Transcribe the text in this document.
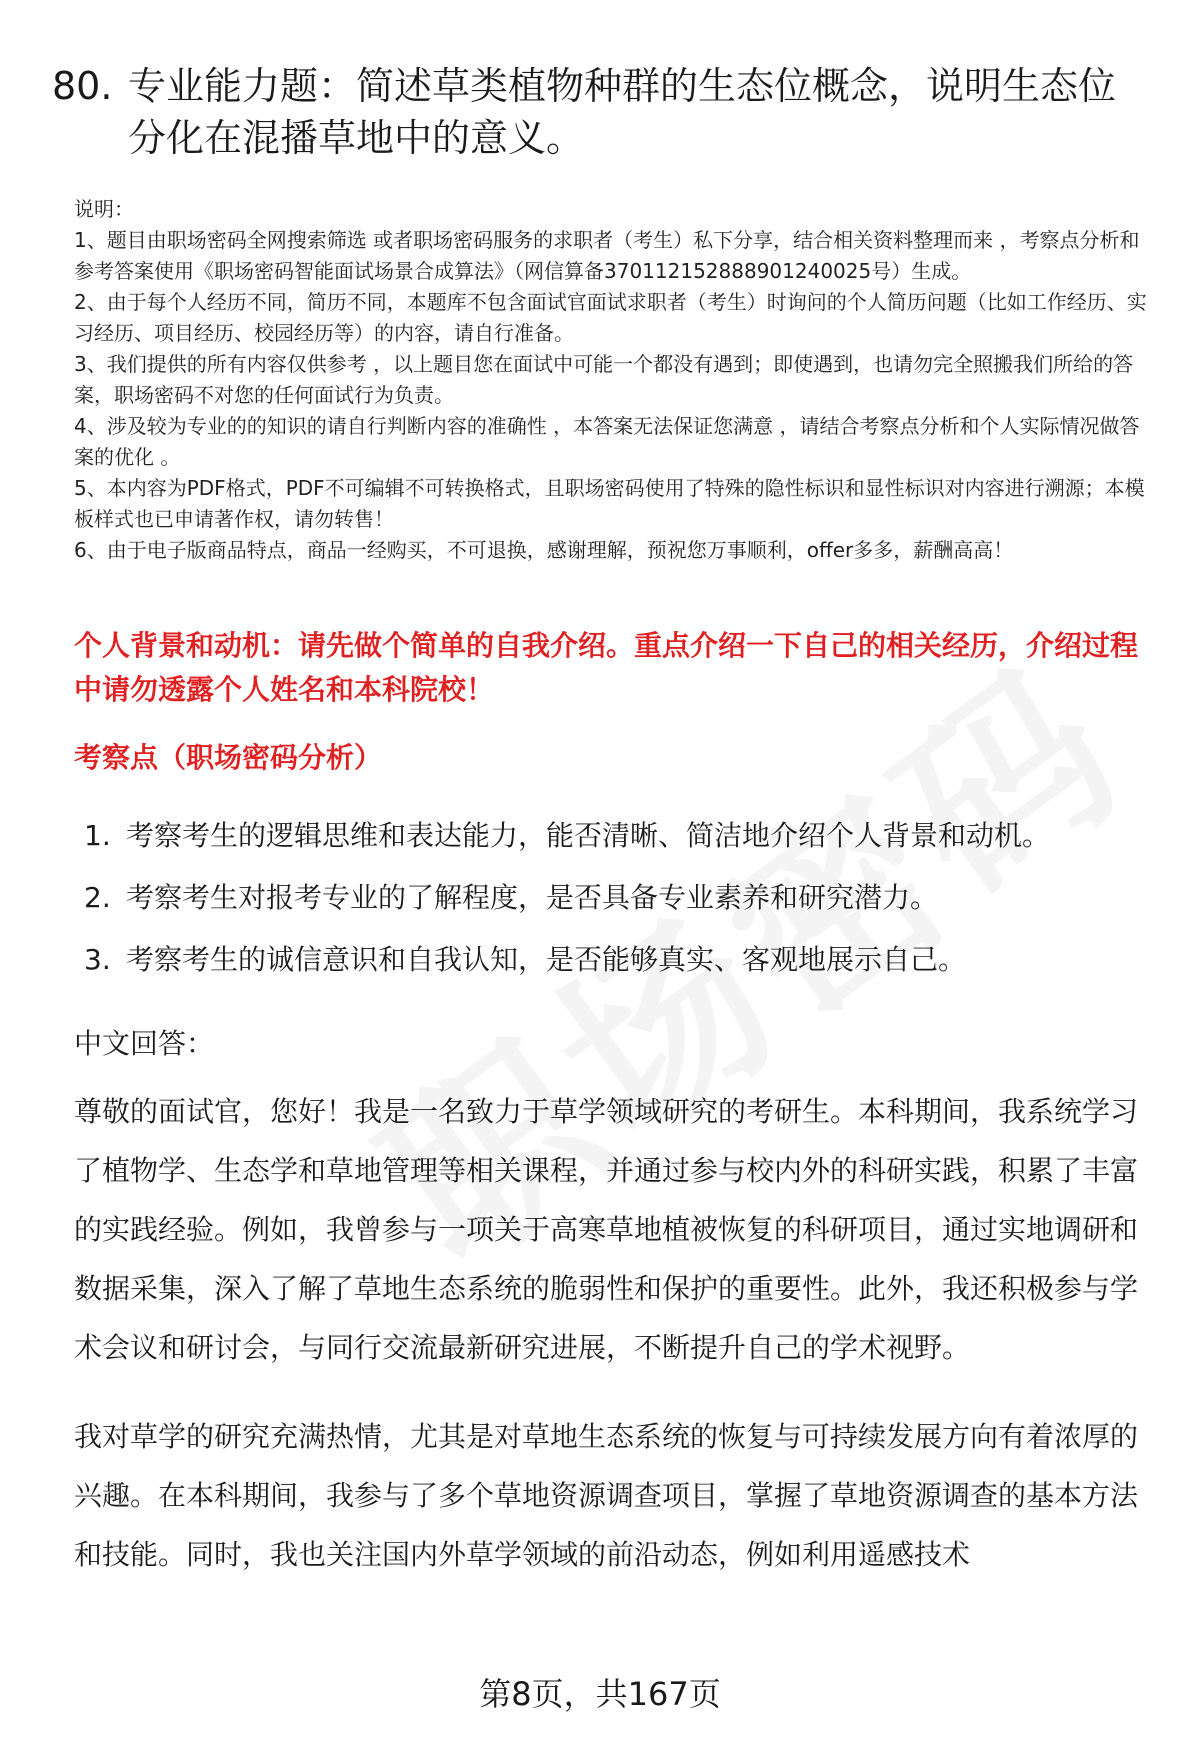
80. 专业能力题：简述草类植物种群的生态位概念，说明生态位分化在混播草地中的意义。

说明：

1、题目由职场密码全网搜索筛选 或者职场密码服务的求职者（考生）私下分享，结合相关资料整理而来 ，考察点分析和参考答案使用《职场密码智能面试场景合成算法》（网信算备370112152888901240025号）生成。

2、由于每个人经历不同，简历不同，本题库不包含面试官面试求职者（考生）时询问的个人简历问题（比如工作经历、实习经历、项目经历、校园经历等）的内容，请自行准备。

3、我们提供的所有内容仅供参考 ，以上题目您在面试中可能一个都没有遇到；即使遇到，也请勿完全照搬我们所给的答案，职场密码不对您的任何面试行为负责。

4、涉及较为专业的的知识的请自行判断内容的准确性 ，本答案无法保证您满意 ，请结合考察点分析和个人实际情况做答案的优化 。

5、本内容为PDF格式，PDF不可编辑不可转换格式，且职场密码使用了特殊的隐性标识和显性标识对内容进行溯源；本模板样式也已申请著作权，请勿转售！

6、由于电子版商品特点，商品一经购买，不可退换，感谢理解，预祝您万事顺利，offer多多，薪酬高高！

个人背景和动机：请先做个简单的自我介绍。重点介绍一下自己的相关经历，介绍过程中请勿透露个人姓名和本科院校！
考察点（职场密码分析）
1. 考察考生的逻辑思维和表达能力，能否清晰、简洁地介绍个人背景和动机。
2. 考察考生对报考专业的了解程度，是否具备专业素养和研究潜力。
3. 考察考生的诚信意识和自我认知，是否能够真实、客观地展示自己。
中文回答：

尊敬的面试官，您好！我是一名致力于草学领域研究的考研生。本科期间，我系统学习了植物学、生态学和草地管理等相关课程，并通过参与校内外的科研实践，积累了丰富的实践经验。例如，我曾参与一项关于高寒草地植被恢复的科研项目，通过实地调研和数据采集，深入了解了草地生态系统的脆弱性和保护的重要性。此外，我还积极参与学术会议和研讨会，与同行交流最新研究进展，不断提升自己的学术视野。

我对草学的研究充满热情，尤其是对草地生态系统的恢复与可持续发展方向有着浓厚的兴趣。在本科期间，我参与了多个草地资源调查项目，掌握了草地资源调查的基本方法和技能。同时，我也关注国内外草学领域的前沿动态，例如利用遥感技术

第8页，共167页
